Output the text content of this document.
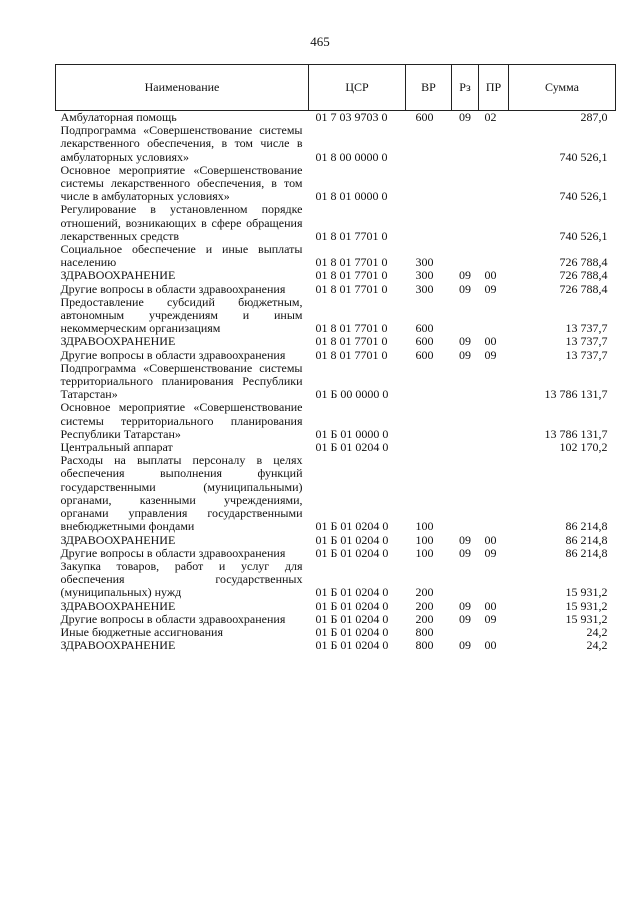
465
Наименование	ЦСР	ВР	Рз	ПР	Сумма
Амбулаторная помощь	01 7 03 9703 0	600	09	02	287,0
Подпрограмма «Совершенствование системы лекарственного обеспечения, в том числе в амбулаторных условиях»	01 8 00 0000 0				740 526,1
Основное мероприятие «Совершенствование системы лекарственного обеспечения, в том числе в амбулаторных условиях»	01 8 01 0000 0				740 526,1
Регулирование в установленном порядке отношений, возникающих в сфере обращения лекарственных средств	01 8 01 7701 0				740 526,1
Социальное обеспечение и иные выплаты населению	01 8 01 7701 0	300			726 788,4
ЗДРАВООХРАНЕНИЕ	01 8 01 7701 0	300	09	00	726 788,4
Другие вопросы в области здравоохранения	01 8 01 7701 0	300	09	09	726 788,4
Предоставление субсидий бюджетным, автономным учреждениям и иным некоммерческим организациям	01 8 01 7701 0	600			13 737,7
ЗДРАВООХРАНЕНИЕ	01 8 01 7701 0	600	09	00	13 737,7
Другие вопросы в области здравоохранения	01 8 01 7701 0	600	09	09	13 737,7
Подпрограмма «Совершенствование системы территориального планирования Республики Татарстан»	01 Б 00 0000 0				13 786 131,7
Основное мероприятие «Совершенствование системы территориального планирования Республики Татарстан»	01 Б 01 0000 0				13 786 131,7
Центральный аппарат	01 Б 01 0204 0				102 170,2
Расходы на выплаты персоналу в целях обеспечения выполнения функций государственными (муниципальными) органами, казенными учреждениями, органами управления государственными внебюджетными фондами	01 Б 01 0204 0	100			86 214,8
ЗДРАВООХРАНЕНИЕ	01 Б 01 0204 0	100	09	00	86 214,8
Другие вопросы в области здравоохранения	01 Б 01 0204 0	100	09	09	86 214,8
Закупка товаров, работ и услуг для обеспечения государственных (муниципальных) нужд	01 Б 01 0204 0	200			15 931,2
ЗДРАВООХРАНЕНИЕ	01 Б 01 0204 0	200	09	00	15 931,2
Другие вопросы в области здравоохранения	01 Б 01 0204 0	200	09	09	15 931,2
Иные бюджетные ассигнования	01 Б 01 0204 0	800			24,2
ЗДРАВООХРАНЕНИЕ	01 Б 01 0204 0	800	09	00	24,2
